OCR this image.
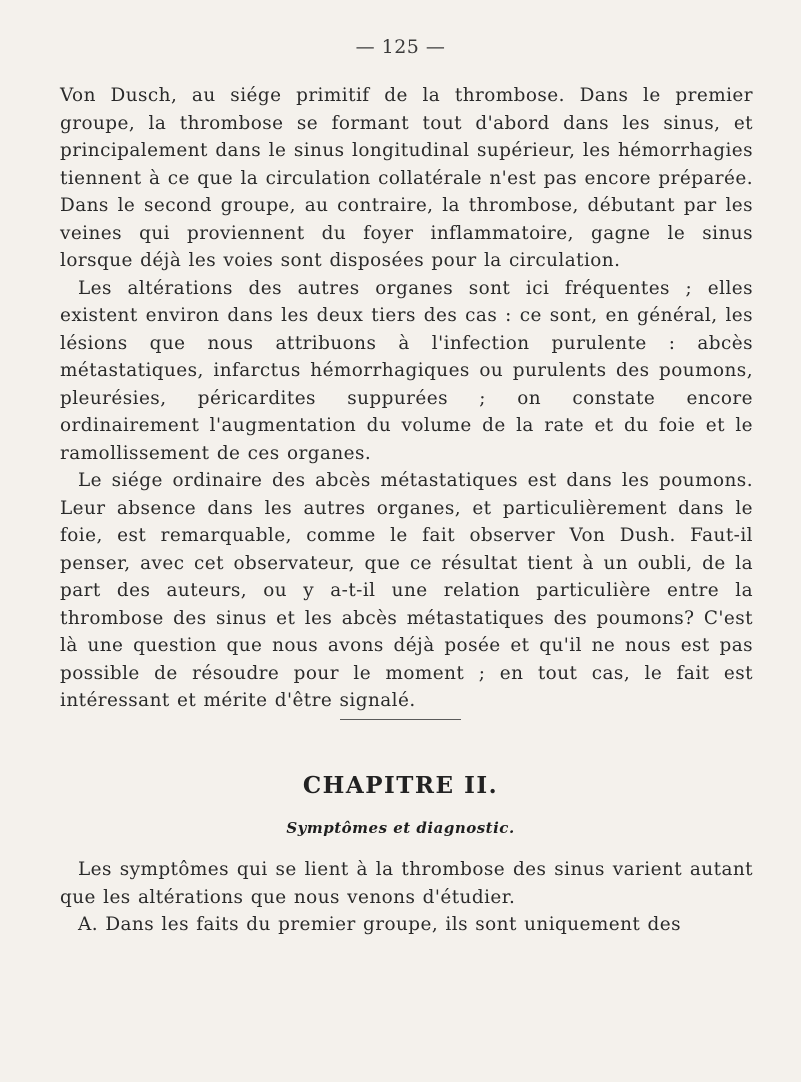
— 125 —

Von Dusch, au siége primitif de la thrombose. Dans le premier groupe, la thrombose se formant tout d'abord dans les sinus, et principalement dans le sinus longitudinal supérieur, les hémorrhagies tiennent à ce que la circulation collatérale n'est pas encore préparée. Dans le second groupe, au contraire, la thrombose, débutant par les veines qui proviennent du foyer inflammatoire, gagne le sinus lorsque déjà les voies sont disposées pour la circulation.

Les altérations des autres organes sont ici fréquentes ; elles existent environ dans les deux tiers des cas : ce sont, en général, les lésions que nous attribuons à l'infection purulente : abcès métastatiques, infarctus hémorrhagiques ou purulents des poumons, pleurésies, péricardites suppurées ; on constate encore ordinairement l'augmentation du volume de la rate et du foie et le ramollissement de ces organes.

Le siége ordinaire des abcès métastatiques est dans les poumons. Leur absence dans les autres organes, et particulièrement dans le foie, est remarquable, comme le fait observer Von Dush. Faut-il penser, avec cet observateur, que ce résultat tient à un oubli, de la part des auteurs, ou y a-t-il une relation particulière entre la thrombose des sinus et les abcès métastatiques des poumons? C'est là une question que nous avons déjà posée et qu'il ne nous est pas possible de résoudre pour le moment ; en tout cas, le fait est intéressant et mérite d'être signalé.

CHAPITRE II.
Symptômes et diagnostic.

Les symptômes qui se lient à la thrombose des sinus varient autant que les altérations que nous venons d'étudier.

A. Dans les faits du premier groupe, ils sont uniquement des
